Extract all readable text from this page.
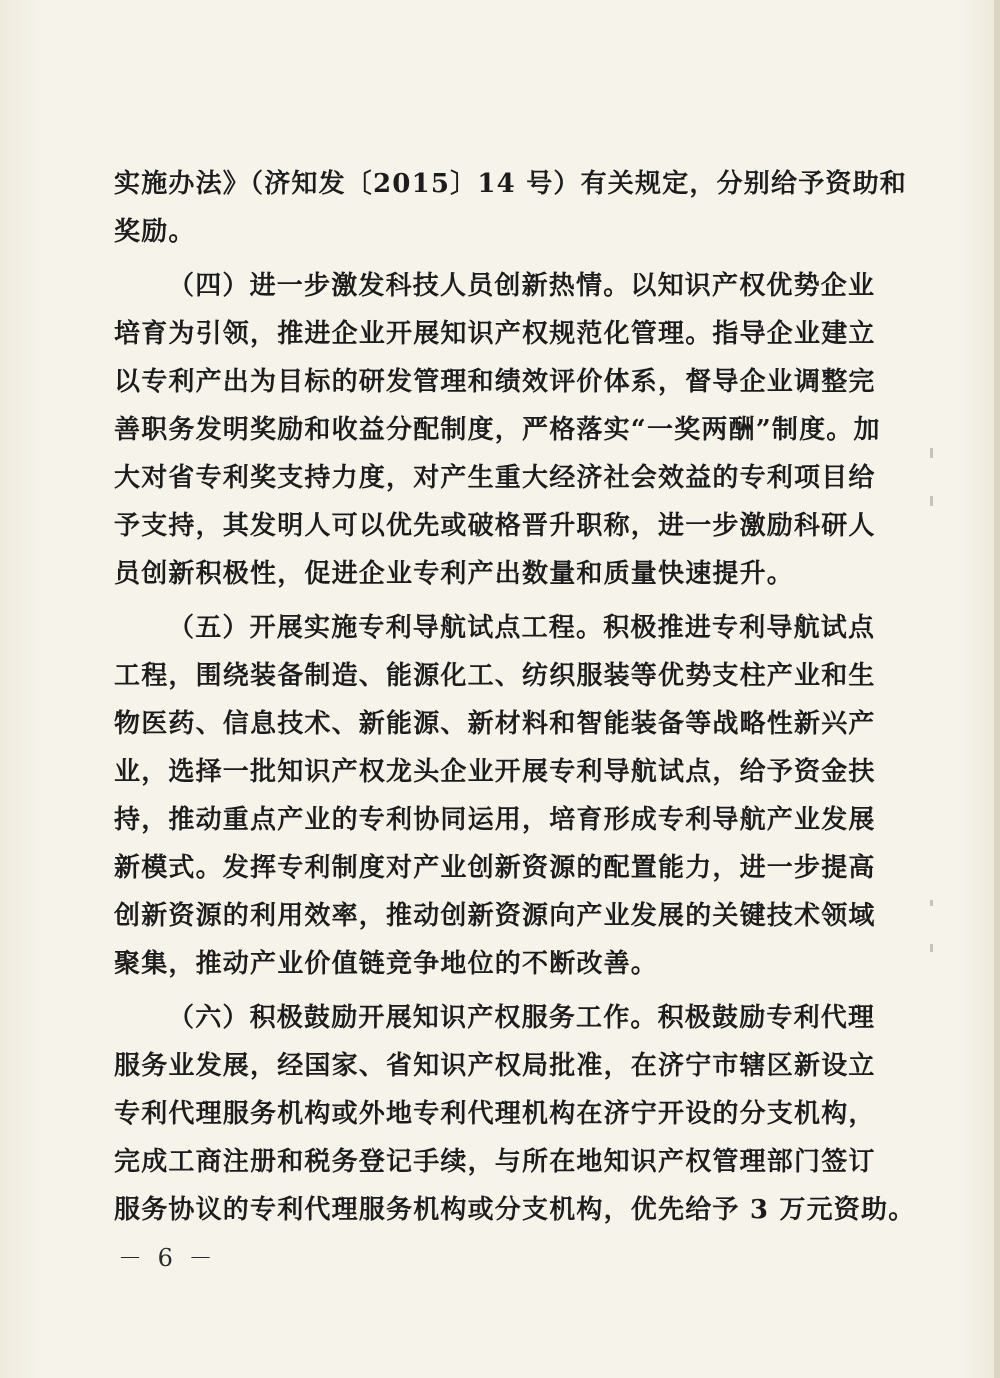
实施办法》（济知发〔2015〕14 号）有关规定，分别给予资助和
奖励。
（四）进一步激发科技人员创新热情。以知识产权优势企业
培育为引领，推进企业开展知识产权规范化管理。指导企业建立
以专利产出为目标的研发管理和绩效评价体系，督导企业调整完
善职务发明奖励和收益分配制度，严格落实“一奖两酬”制度。加
大对省专利奖支持力度，对产生重大经济社会效益的专利项目给
予支持，其发明人可以优先或破格晋升职称，进一步激励科研人
员创新积极性，促进企业专利产出数量和质量快速提升。
（五）开展实施专利导航试点工程。积极推进专利导航试点
工程，围绕装备制造、能源化工、纺织服装等优势支柱产业和生
物医药、信息技术、新能源、新材料和智能装备等战略性新兴产
业，选择一批知识产权龙头企业开展专利导航试点，给予资金扶
持，推动重点产业的专利协同运用，培育形成专利导航产业发展
新模式。发挥专利制度对产业创新资源的配置能力，进一步提高
创新资源的利用效率，推动创新资源向产业发展的关键技术领域
聚集，推动产业价值链竞争地位的不断改善。
（六）积极鼓励开展知识产权服务工作。积极鼓励专利代理
服务业发展，经国家、省知识产权局批准，在济宁市辖区新设立
专利代理服务机构或外地专利代理机构在济宁开设的分支机构，
完成工商注册和税务登记手续，与所在地知识产权管理部门签订
服务协议的专利代理服务机构或分支机构，优先给予 3 万元资助。
－ 6 －
